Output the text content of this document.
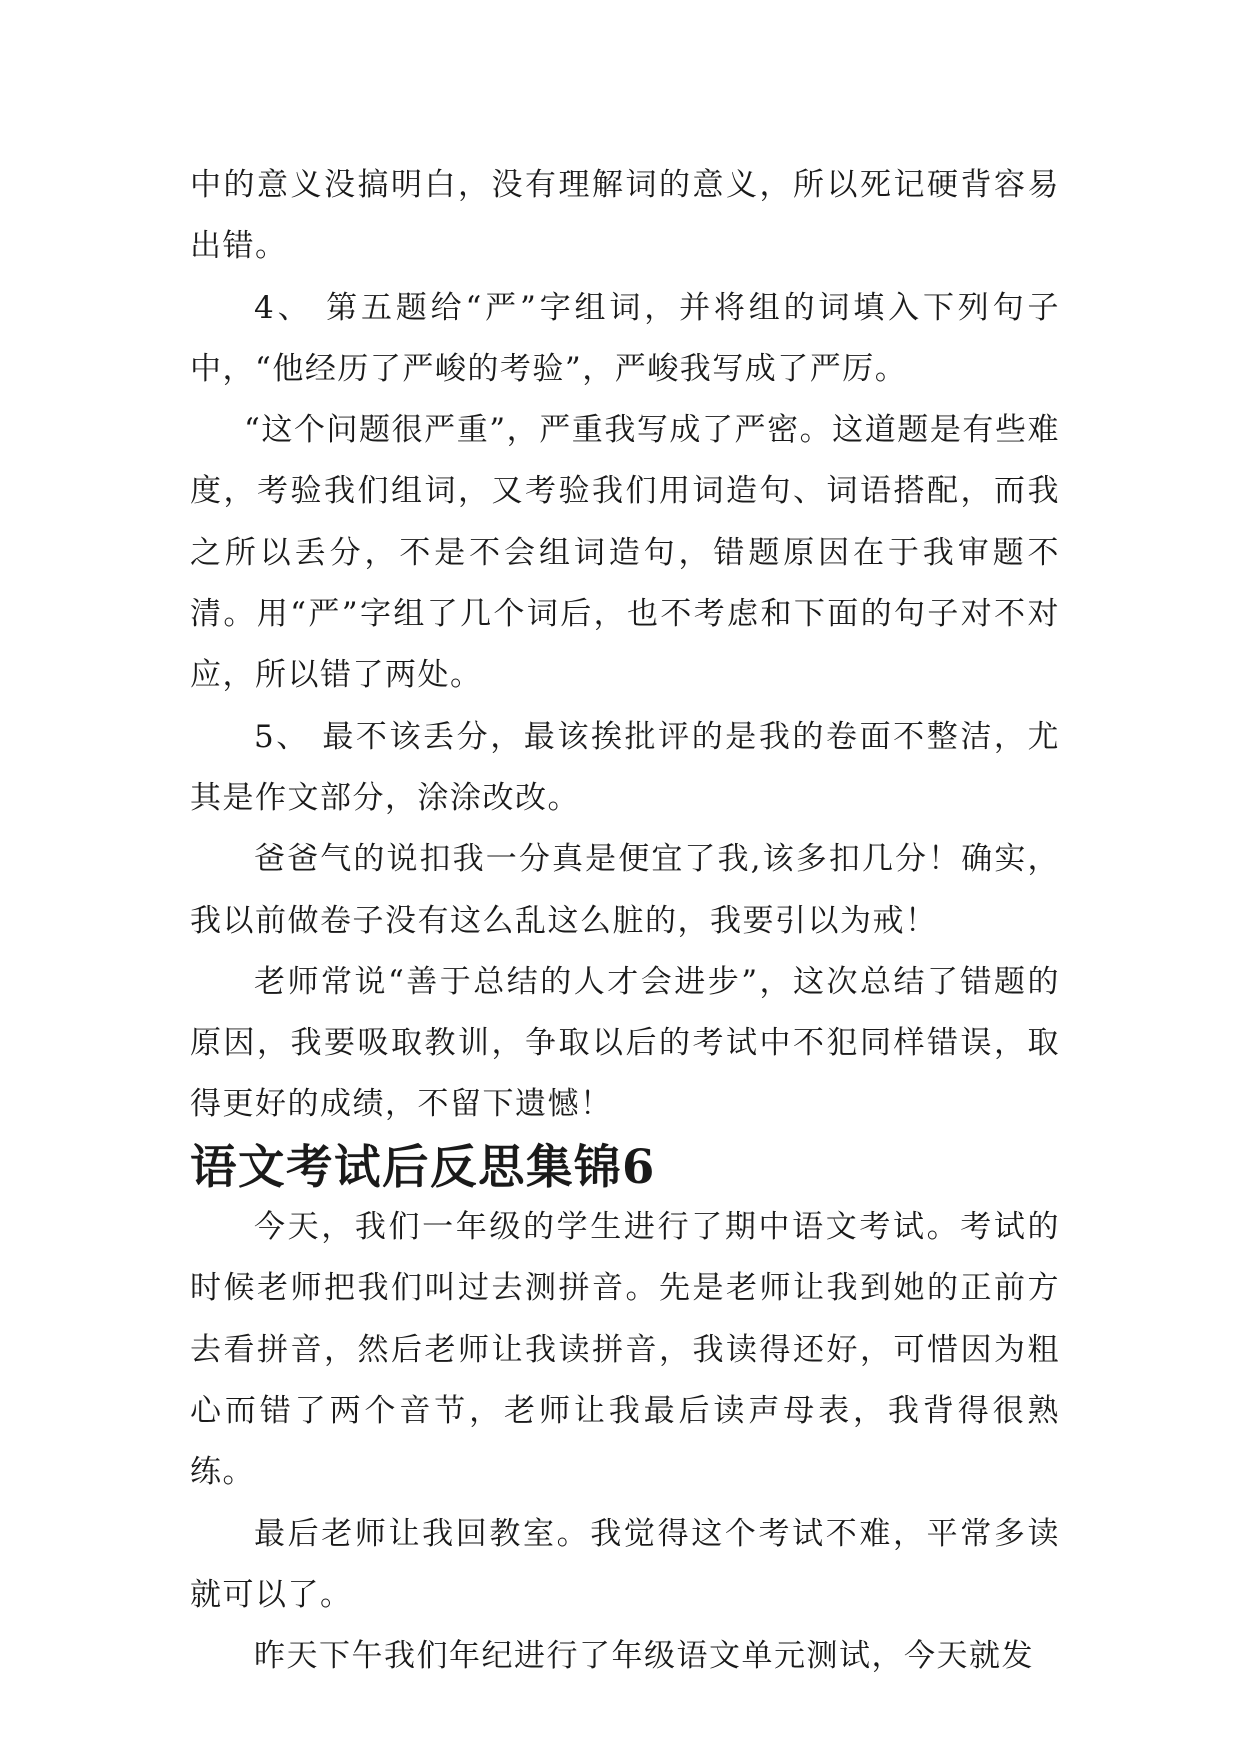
中的意义没搞明白，没有理解词的意义，所以死记硬背容易出错。

4、 第五题给“严”字组词，并将组的词填入下列句子中，“他经历了严峻的考验”，严峻我写成了严厉。

“这个问题很严重”，严重我写成了严密。这道题是有些难度，考验我们组词，又考验我们用词造句、词语搭配，而我之所以丢分，不是不会组词造句，错题原因在于我审题不清。用“严”字组了几个词后，也不考虑和下面的句子对不对应，所以错了两处。

5、 最不该丢分，最该挨批评的是我的卷面不整洁，尤其是作文部分，涂涂改改。

爸爸气的说扣我一分真是便宜了我,该多扣几分！确实，我以前做卷子没有这么乱这么脏的，我要引以为戒！

老师常说“善于总结的人才会进步”，这次总结了错题的原因，我要吸取教训，争取以后的考试中不犯同样错误，取得更好的成绩，不留下遗憾！

语文考试后反思集锦6

今天，我们一年级的学生进行了期中语文考试。考试的时候老师把我们叫过去测拼音。先是老师让我到她的正前方去看拼音，然后老师让我读拼音，我读得还好，可惜因为粗心而错了两个音节，老师让我最后读声母表，我背得很熟练。

最后老师让我回教室。我觉得这个考试不难，平常多读就可以了。

昨天下午我们年纪进行了年级语文单元测试，今天就发
